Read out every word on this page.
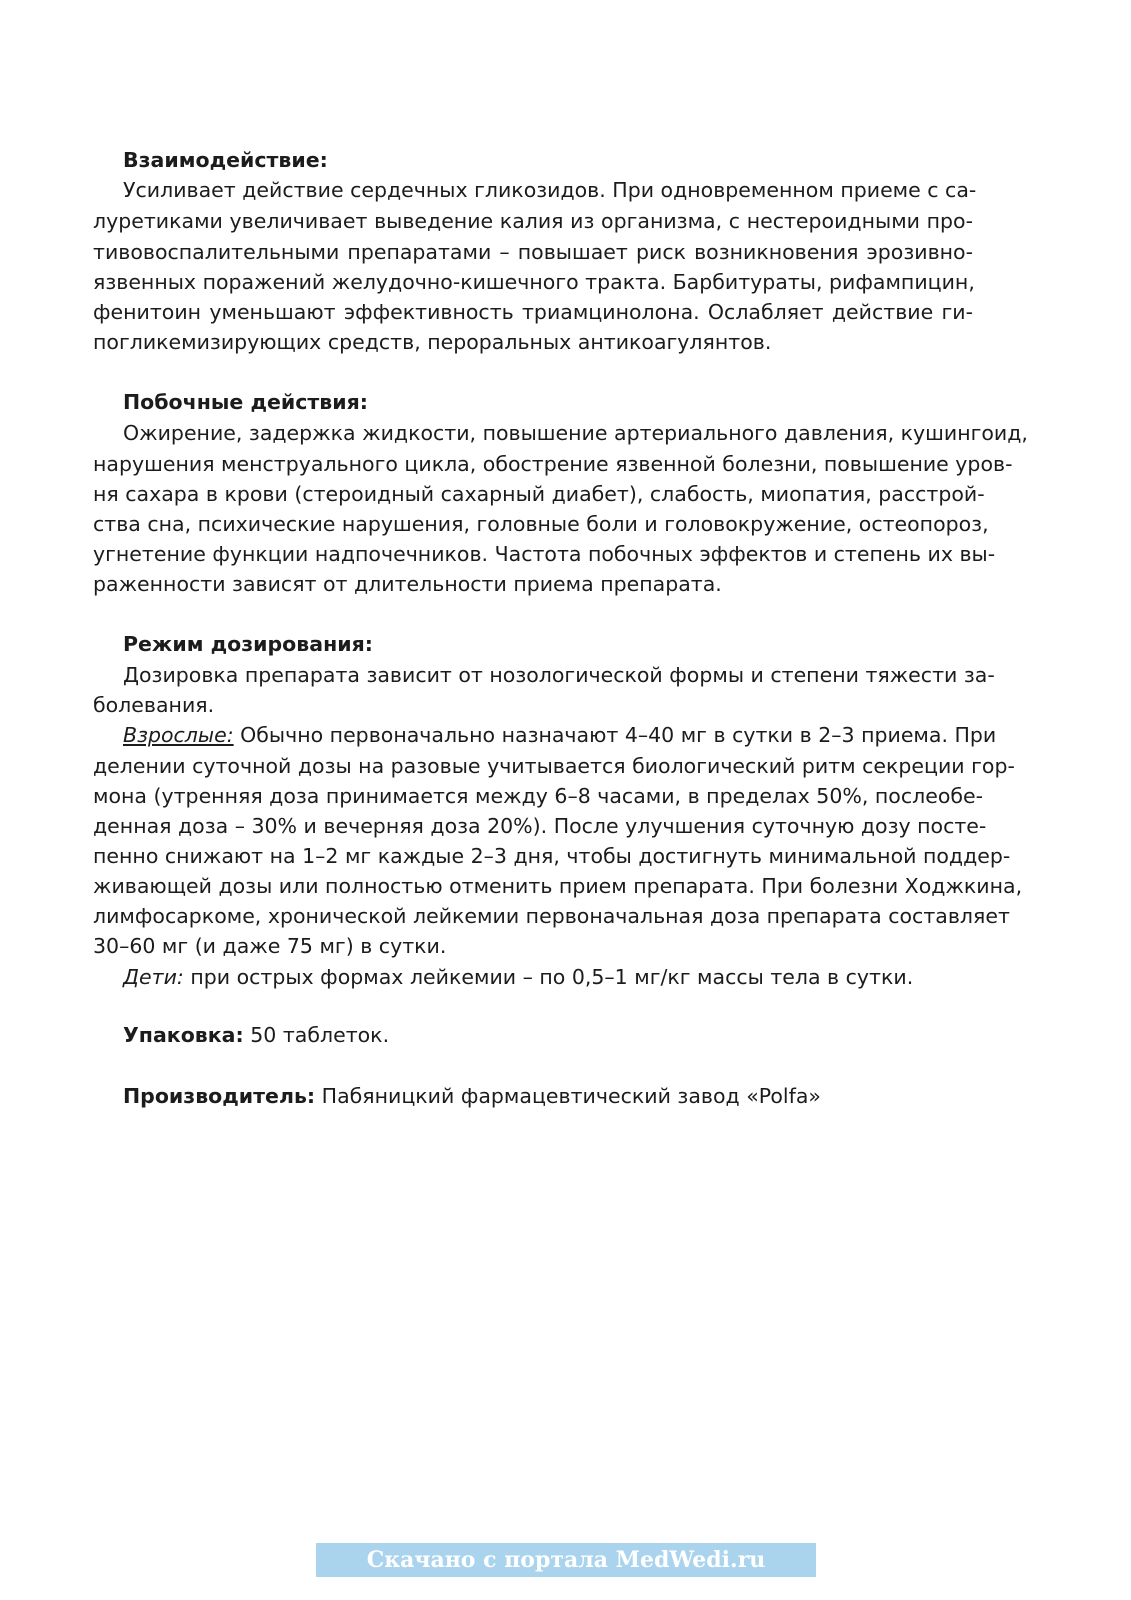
Взаимодействие:
Усиливает действие сердечных гликозидов. При одновременном приеме с са-
луретиками увеличивает выведение калия из организма, с нестероидными про-
тивовоспалительными препаратами – повышает риск возникновения эрозивно-
язвенных поражений желудочно-кишечного тракта. Барбитураты, рифампицин,
фенитоин уменьшают эффективность триамцинолона. Ослабляет действие ги-
погликемизирующих средств, пероральных антикоагулянтов.
Побочные действия:
Ожирение, задержка жидкости, повышение артериального давления, кушингоид,
нарушения менструального цикла, обострение язвенной болезни, повышение уров-
ня сахара в крови (стероидный сахарный диабет), слабость, миопатия, расстрой-
ства сна, психические нарушения, головные боли и головокружение, остеопороз,
угнетение функции надпочечников. Частота побочных эффектов и степень их вы-
раженности зависят от длительности приема препарата.
Режим дозирования:
Дозировка препарата зависит от нозологической формы и степени тяжести за-
болевания.
Взрослые: Обычно первоначально назначают 4–40 мг в сутки в 2–3 приема. При
делении суточной дозы на разовые учитывается биологический ритм секреции гор-
мона (утренняя доза принимается между 6–8 часами, в пределах 50%, послеобе-
денная доза – 30% и вечерняя доза 20%). После улучшения суточную дозу посте-
пенно снижают на 1–2 мг каждые 2–3 дня, чтобы достигнуть минимальной поддер-
живающей дозы или полностью отменить прием препарата. При болезни Ходжкина,
лимфосаркоме, хронической лейкемии первоначальная доза препарата составляет
30–60 мг (и даже 75 мг) в сутки.
Дети: при острых формах лейкемии – по 0,5–1 мг/кг массы тела в сутки.
Упаковка: 50 таблеток.
Производитель: Пабяницкий фармацевтический завод «Polfa»
Скачано с портала MedWedi.ru
